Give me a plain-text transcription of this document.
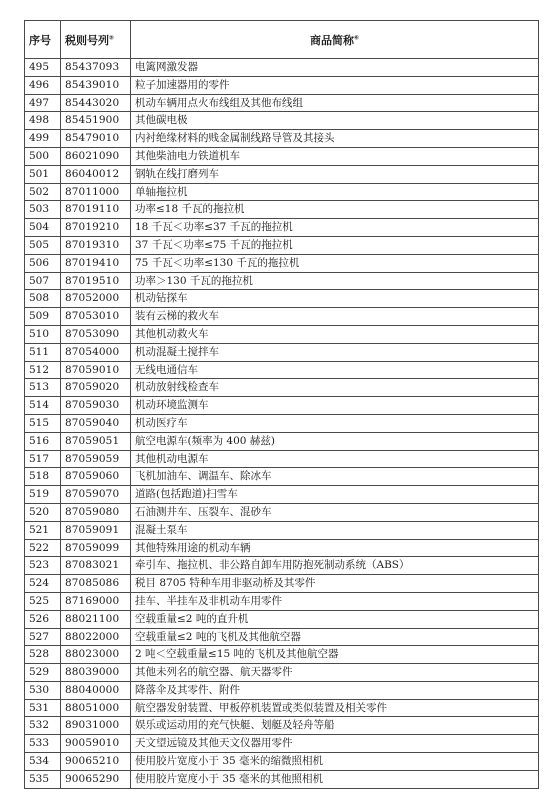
序号	税则号列⑤	商品简称⑥
495	85437093	电篱网激发器
496	85439010	粒子加速器用的零件
497	85443020	机动车辆用点火布线组及其他布线组
498	85451900	其他碳电极
499	85479010	内衬绝缘材料的贱金属制线路导管及其接头
500	86021090	其他柴油电力铁道机车
501	86040012	钢轨在线打磨列车
502	87011000	单轴拖拉机
503	87019110	功率≤18 千瓦的拖拉机
504	87019210	18 千瓦＜功率≤37 千瓦的拖拉机
505	87019310	37 千瓦＜功率≤75 千瓦的拖拉机
506	87019410	75 千瓦＜功率≤130 千瓦的拖拉机
507	87019510	功率＞130 千瓦的拖拉机
508	87052000	机动钻探车
509	87053010	装有云梯的救火车
510	87053090	其他机动救火车
511	87054000	机动混凝土搅拌车
512	87059010	无线电通信车
513	87059020	机动放射线检查车
514	87059030	机动环境监测车
515	87059040	机动医疗车
516	87059051	航空电源车(频率为 400 赫兹)
517	87059059	其他机动电源车
518	87059060	飞机加油车、调温车、除冰车
519	87059070	道路(包括跑道)扫雪车
520	87059080	石油测井车、压裂车、混砂车
521	87059091	混凝土泵车
522	87059099	其他特殊用途的机动车辆
523	87083021	牵引车、拖拉机、非公路自卸车用防抱死制动系统（ABS）
524	87085086	税目 8705 特种车用非驱动桥及其零件
525	87169000	挂车、半挂车及非机动车用零件
526	88021100	空载重量≤2 吨的直升机
527	88022000	空载重量≤2 吨的飞机及其他航空器
528	88023000	2 吨＜空载重量≤15 吨的飞机及其他航空器
529	88039000	其他未列名的航空器、航天器零件
530	88040000	降落伞及其零件、附件
531	88051000	航空器发射装置、甲板停机装置或类似装置及相关零件
532	89031000	娱乐或运动用的充气快艇、划艇及轻舟等船
533	90059010	天文望远镜及其他天文仪器用零件
534	90065210	使用胶片宽度小于 35 毫米的缩微照相机
535	90065290	使用胶片宽度小于 35 毫米的其他照相机
